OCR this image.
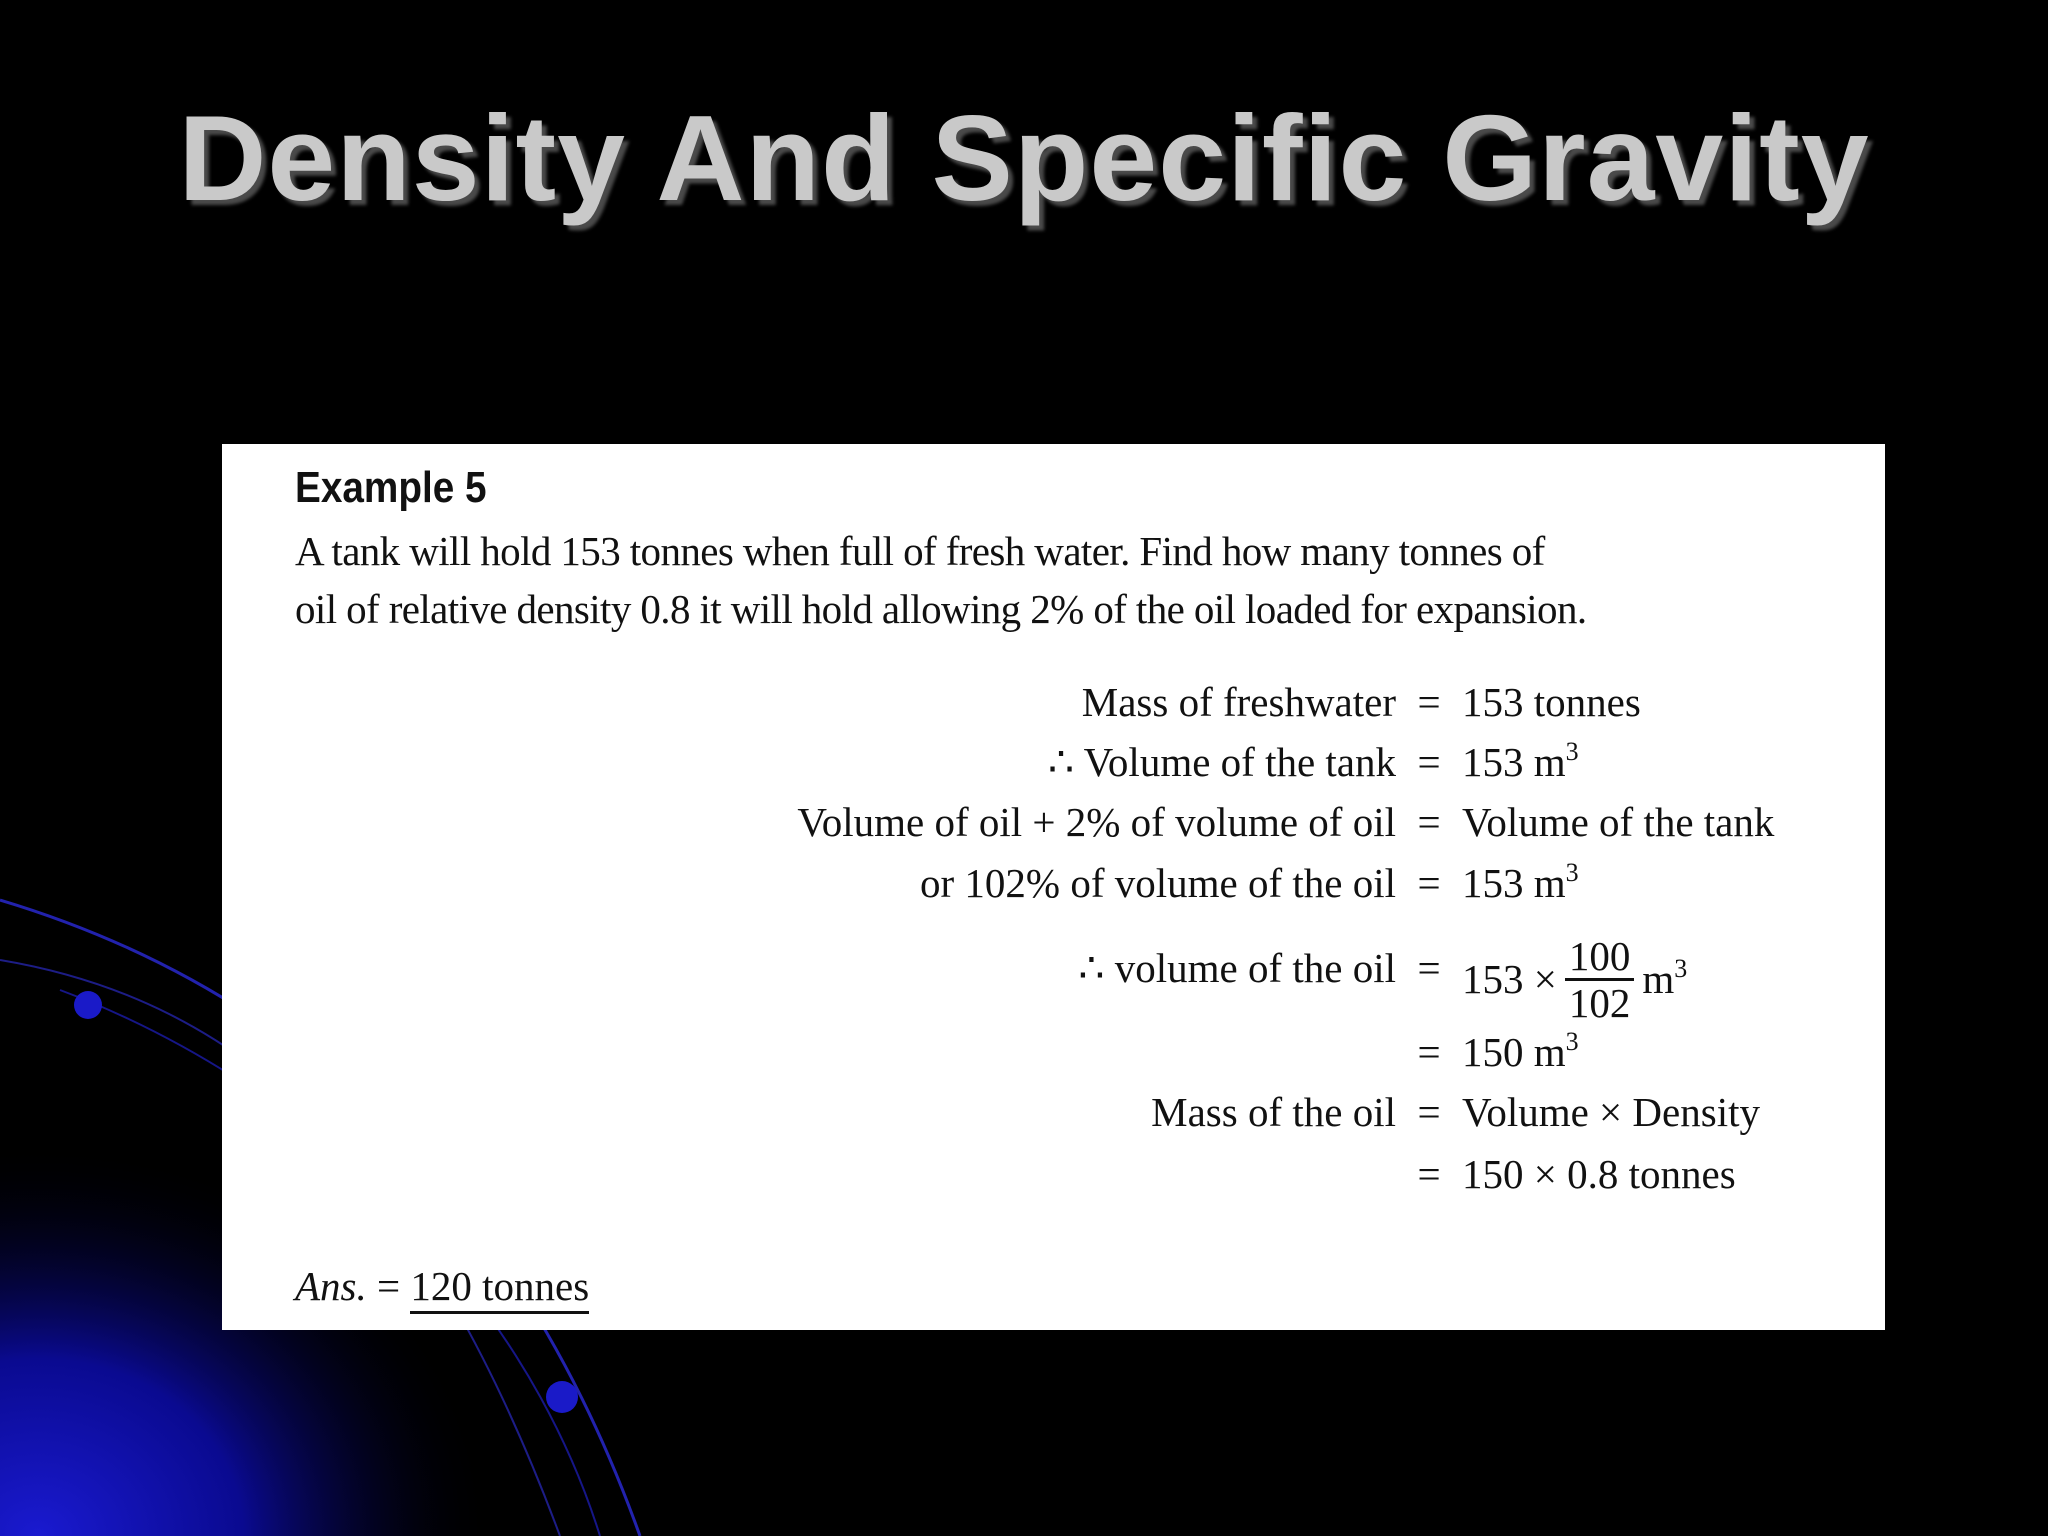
Density And Specific Gravity
Example 5

A tank will hold 153 tonnes when full of fresh water. Find how many tonnes of
oil of relative density 0.8 it will hold allowing 2% of the oil loaded for expansion.

Mass of freshwater = 153 tonnes
∴ Volume of the tank = 153 $m^3$
Volume of oil + 2% of volume of oil = Volume of the tank
or 102% of volume of the oil = 153 $m^3$
∴ volume of the oil = $153 \times \frac{100}{102} m^3$
= 150 $m^3$
Mass of the oil = Volume × Density
= 150 × 0.8 tonnes
Ans. = 120 tonnes
